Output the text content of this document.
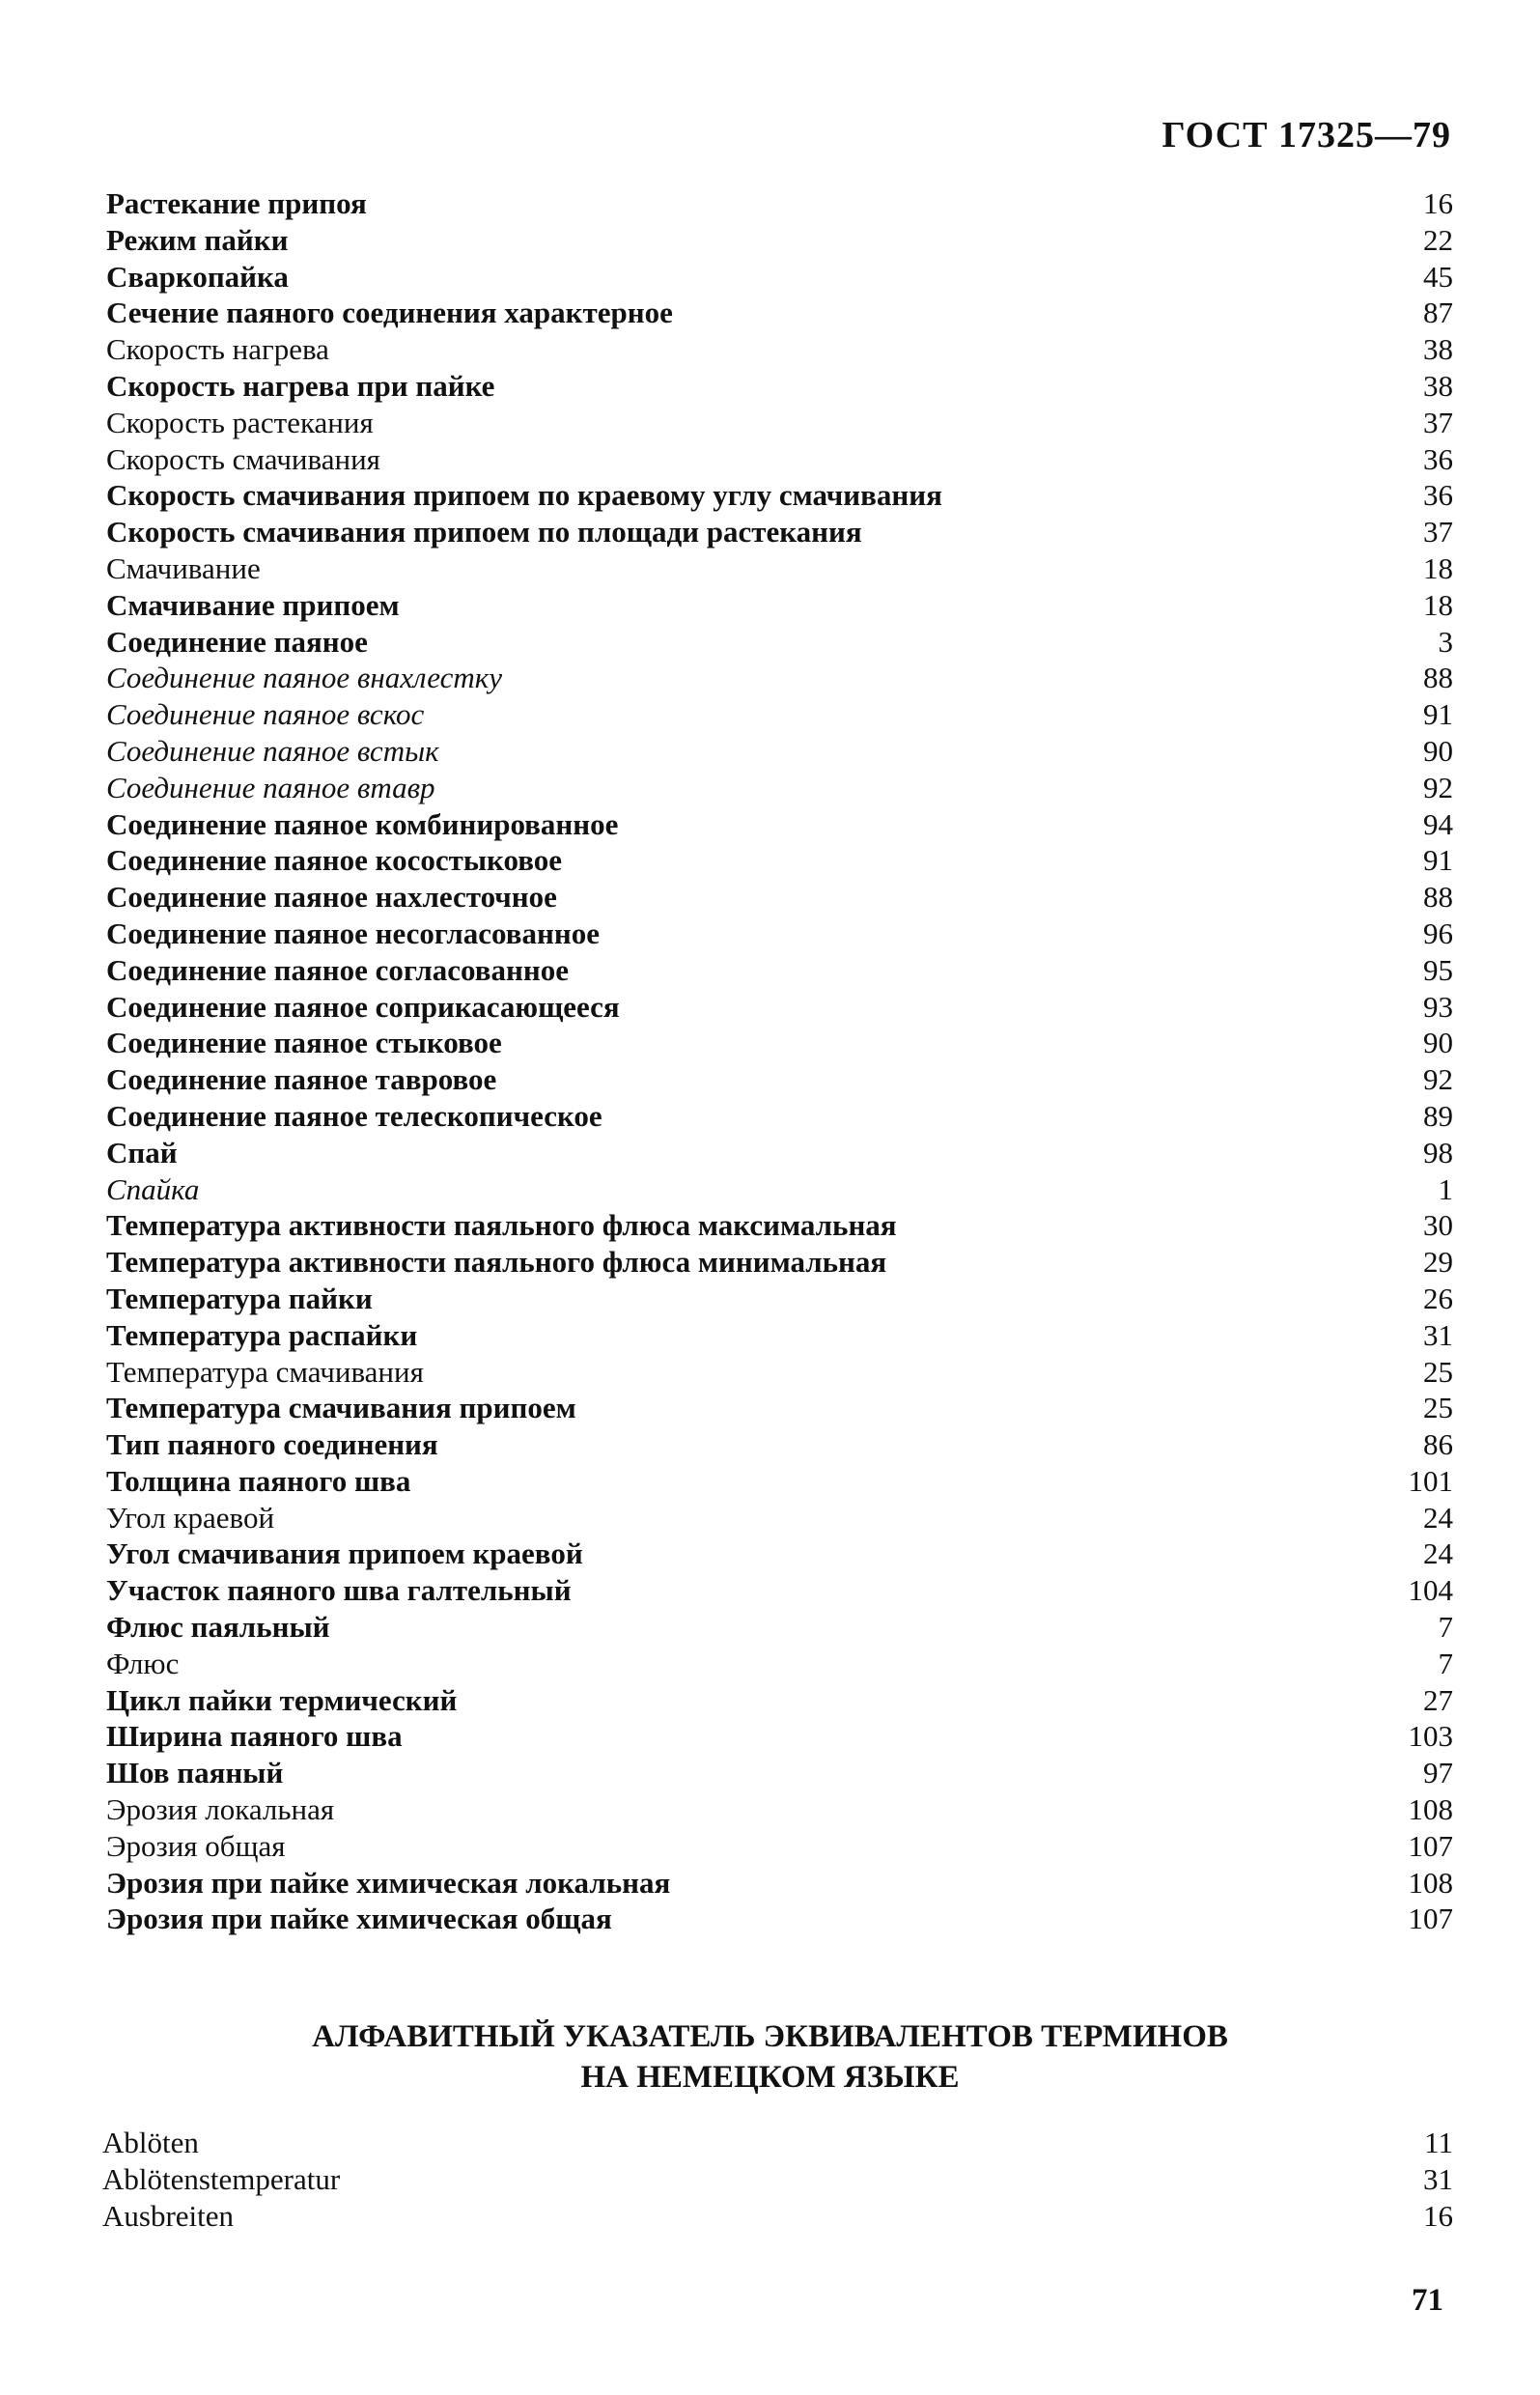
ГОСТ 17325—79
Растекание припоя	16
Режим пайки	22
Сваркопайка	45
Сечение паяного соединения характерное	87
Скорость нагрева	38
Скорость нагрева при пайке	38
Скорость растекания	37
Скорость смачивания	36
Скорость смачивания припоем по краевому углу смачивания	36
Скорость смачивания припоем по площади растекания	37
Смачивание	18
Смачивание припоем	18
Соединение паяное	3
Соединение паяное внахлестку	88
Соединение паяное вскос	91
Соединение паяное встык	90
Соединение паяное втавр	92
Соединение паяное комбинированное	94
Соединение паяное косостыковое	91
Соединение паяное нахлесточное	88
Соединение паяное несогласованное	96
Соединение паяное согласованное	95
Соединение паяное соприкасающееся	93
Соединение паяное стыковое	90
Соединение паяное тавровое	92
Соединение паяное телескопическое	89
Спай	98
Спайка	1
Температура активности паяльного флюса максимальная	30
Температура активности паяльного флюса минимальная	29
Температура пайки	26
Температура распайки	31
Температура смачивания	25
Температура смачивания припоем	25
Тип паяного соединения	86
Толщина паяного шва	101
Угол краевой	24
Угол смачивания припоем краевой	24
Участок паяного шва галтельный	104
Флюс паяльный	7
Флюс	7
Цикл пайки термический	27
Ширина паяного шва	103
Шов паяный	97
Эрозия локальная	108
Эрозия общая	107
Эрозия при пайке химическая локальная	108
Эрозия при пайке химическая общая	107
АЛФАВИТНЫЙ УКАЗАТЕЛЬ ЭКВИВАЛЕНТОВ ТЕРМИНОВ
НА НЕМЕЦКОМ ЯЗЫКЕ
Ablöten	11
Ablötenstemperatur	31
Ausbreiten	16
71
